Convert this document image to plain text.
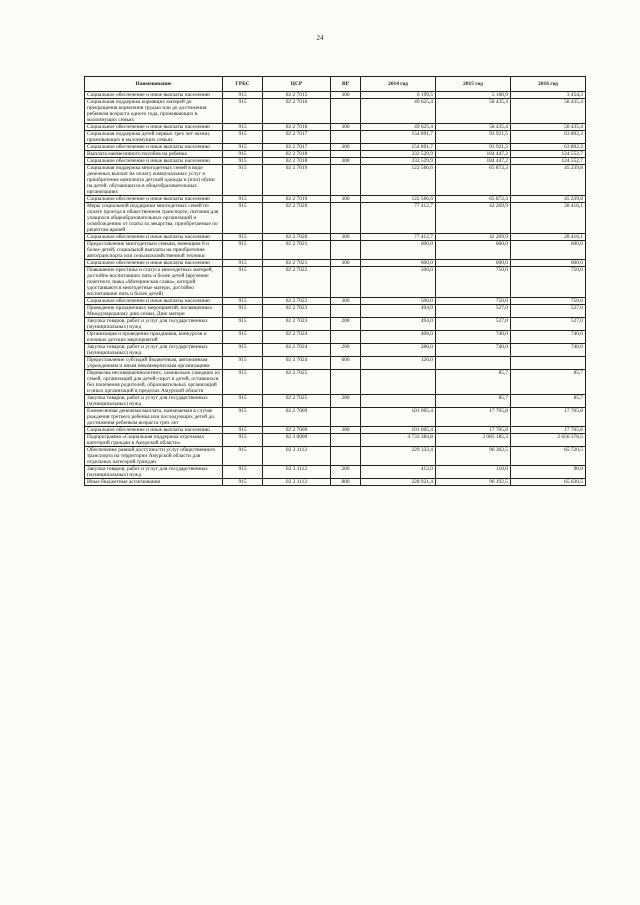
24
Наименование	ГРБС	ЦСР	ВР	2014 год	2015 год	2016 год
Социальное обеспечение и иные выплаты населению	915	02 2 7015	300	6 199,5	5 160,9	3 454,3
Социальная поддержка кормящих матерей до прекращения кормления грудью или до достижения ребенком возраста одного года, проживающих в малоимущих семьях	915	02 2 7016		49 625,4	58 435,4	58 435,4
Социальное обеспечение и иные выплаты населению	915	02 2 7016	300	49 625,4	58 435,4	58 435,4
Социальная поддержка детей первых трех лет жизни, проживающих в малоимущих семьях	915	02 2 7017		154 891,7	93 921,5	63 892,3
Социальное обеспечение и иные выплаты населению	915	02 2 7017	300	154 891,7	93 921,5	63 892,3
Выплата ежемесячного пособия на ребенка	915	02 2 7018		332 529,9	184 447,2	124 552,7
Социальное обеспечение и иные выплаты населению	915	02 2 7018	300	332 529,9	184 447,2	124 552,7
Социальная поддержка многодетных семей в виде денежных выплат на оплату коммунальных услуг и приобретение комплекта детской одежды и (или) обуви на детей, обучающихся в общеобразовательных организациях	915	02 2 7019		122 566,6	65 872,3	45 239,8
Социальное обеспечение и иные выплаты населению	915	02 2 7019	300	122 566,6	65 872,3	45 239,8
Меры социальной поддержки многодетных семей по оплате проезда в общественном транспорте, питания для учащихся общеобразовательных организаций и освобождению от платы за лекарства, приобретаемые по рецептам врачей	915	02 2 7020		77 412,7	42 269,9	28 416,1
Социальное обеспечение и иные выплаты населению	915	02 2 7020	300	77 412,7	42 269,9	28 416,1
Предоставление многодетным семьям, имеющим 8 и более детей, социальной выплаты на приобретение автотранспорта или сельскохозяйственной техники	915	02 2 7021		600,0	600,0	600,0
Социальное обеспечение и иные выплаты населению	915	02 2 7021	300	600,0	600,0	600,0
Повышение престижа и статуса многодетных матерей, достойно воспитавших пять и более детей (вручение почетного знака «Материнская слава», которой удостаиваются многодетные матери, достойно воспитавшие пять и более детей)	915	02 2 7022		500,0	750,0	750,0
Социальное обеспечение и иные выплаты населению	915	02 2 7022	300	500,0	750,0	750,0
Проведение праздничных мероприятий, посвященных Международному дню семьи, Дню матери	915	02 2 7023		494,0	527,0	527,0
Закупка товаров, работ и услуг для государственных (муниципальных) нужд	915	02 2 7023	200	494,0	527,0	527,0
Организация и проведение праздников, конкурсов и елочных детских мероприятий	915	02 2 7024		408,0	740,0	740,0
Закупка товаров, работ и услуг для государственных (муниципальных) нужд	915	02 2 7024	200	288,0	740,0	740,0
Предоставление субсидий бюджетным, автономным учреждениям и иным некоммерческим организациям	915	02 2 7024	600	120,0		
Перевозка несовершеннолетних, самовольно ушедших из семей, организаций для детей-сирот и детей, оставшихся без попечения родителей, образовательных организаций и иных организаций в пределах Амурской области	915	02 2 7025			85,7	85,7
Закупка товаров, работ и услуг для государственных (муниципальных) нужд	915	02 2 7025	200		85,7	85,7
Ежемесячная денежная выплата, назначаемая в случае рождения третьего ребенка или последующих детей до достижения ребенком возраста трех лет	915	02 2 7069		101 005,4	17 705,8	17 705,8
Социальное обеспечение и иные выплаты населению	915	02 2 7069	300	101 005,4	17 705,8	17 705,8
Подпрограмма «Социальная поддержка отдельных категорий граждан в Амурской области»	915	02 3 0000		4 733 384,8	3 085 185,3	2 656 376,5
Обеспечение равной доступности услуг общественного транспорта на территории Амурской области для отдельных категорий граждан	915	02 3 1112		229 333,4	96 302,5	65 720,5
Закупка товаров, работ и услуг для государственных (муниципальных) нужд	915	02 3 1112	200	412,0	110,0	90,0
Иные бюджетные ассигнования	915	02 3 1112	800	228 921,4	96 192,5	65 630,5
